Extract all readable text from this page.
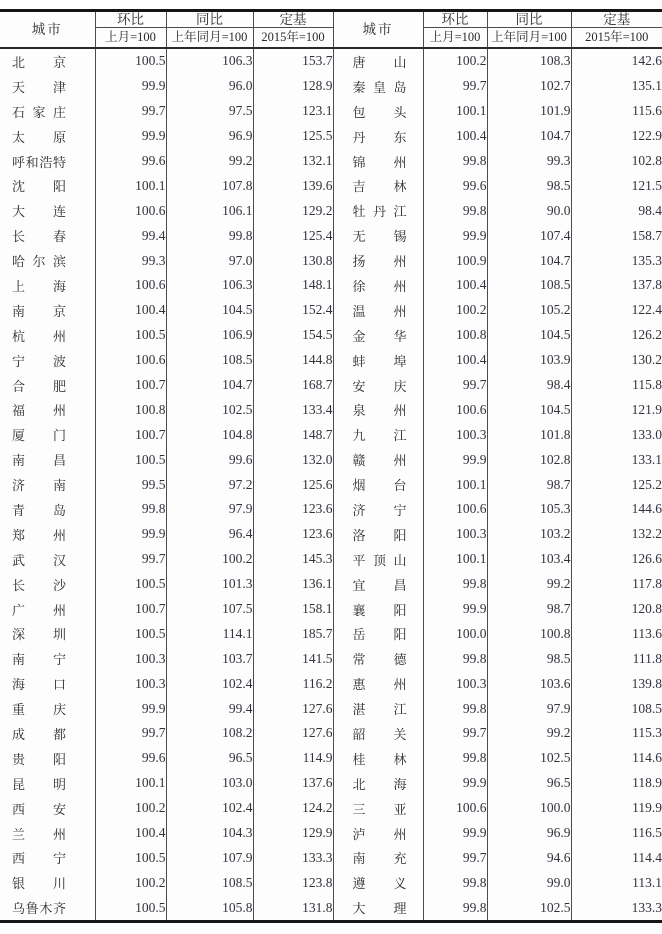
城市	环比	同比	定基	城市	环比	同比	定基
	上月=100	上年同月=100	2015年=100		上月=100	上年同月=100	2015年=100
北京	100.5	106.3	153.7	唐山	100.2	108.3	142.6
天津	99.9	96.0	128.9	秦皇岛	99.7	102.7	135.1
石家庄	99.7	97.5	123.1	包头	100.1	101.9	115.6
太原	99.9	96.9	125.5	丹东	100.4	104.7	122.9
呼和浩特	99.6	99.2	132.1	锦州	99.8	99.3	102.8
沈阳	100.1	107.8	139.6	吉林	99.6	98.5	121.5
大连	100.6	106.1	129.2	牡丹江	99.8	90.0	98.4
长春	99.4	99.8	125.4	无锡	99.9	107.4	158.7
哈尔滨	99.3	97.0	130.8	扬州	100.9	104.7	135.3
上海	100.6	106.3	148.1	徐州	100.4	108.5	137.8
南京	100.4	104.5	152.4	温州	100.2	105.2	122.4
杭州	100.5	106.9	154.5	金华	100.8	104.5	126.2
宁波	100.6	108.5	144.8	蚌埠	100.4	103.9	130.2
合肥	100.7	104.7	168.7	安庆	99.7	98.4	115.8
福州	100.8	102.5	133.4	泉州	100.6	104.5	121.9
厦门	100.7	104.8	148.7	九江	100.3	101.8	133.0
南昌	100.5	99.6	132.0	赣州	99.9	102.8	133.1
济南	99.5	97.2	125.6	烟台	100.1	98.7	125.2
青岛	99.8	97.9	123.6	济宁	100.6	105.3	144.6
郑州	99.9	96.4	123.6	洛阳	100.3	103.2	132.2
武汉	99.7	100.2	145.3	平顶山	100.1	103.4	126.6
长沙	100.5	101.3	136.1	宜昌	99.8	99.2	117.8
广州	100.7	107.5	158.1	襄阳	99.9	98.7	120.8
深圳	100.5	114.1	185.7	岳阳	100.0	100.8	113.6
南宁	100.3	103.7	141.5	常德	99.8	98.5	111.8
海口	100.3	102.4	116.2	惠州	100.3	103.6	139.8
重庆	99.9	99.4	127.6	湛江	99.8	97.9	108.5
成都	99.7	108.2	127.6	韶关	99.7	99.2	115.3
贵阳	99.6	96.5	114.9	桂林	99.8	102.5	114.6
昆明	100.1	103.0	137.6	北海	99.9	96.5	118.9
西安	100.2	102.4	124.2	三亚	100.6	100.0	119.9
兰州	100.4	104.3	129.9	泸州	99.9	96.9	116.5
西宁	100.5	107.9	133.3	南充	99.7	94.6	114.4
银川	100.2	108.5	123.8	遵义	99.8	99.0	113.1
乌鲁木齐	100.5	105.8	131.8	大理	99.8	102.5	133.3
